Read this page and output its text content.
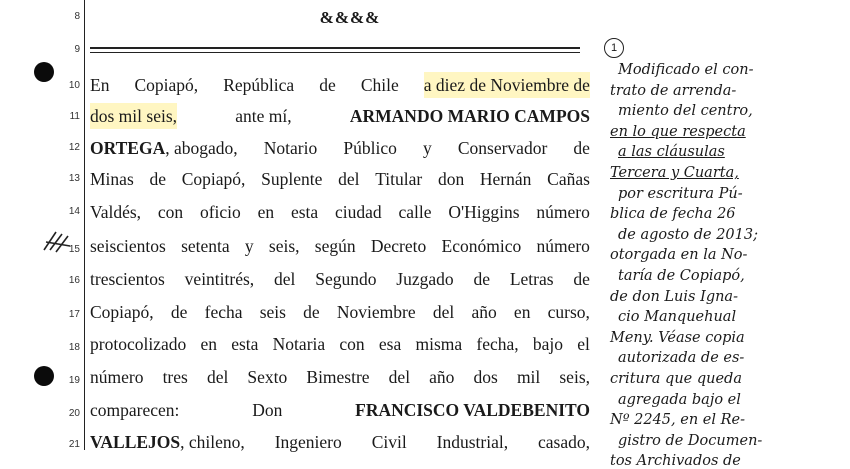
8
9
10
11
12
13
14
15
16
17
18
19
20
21
&&&&
En Copiapó, República de Chile a diez de Noviembre de
dos mil seis,	ante mí,	ARMANDO MARIO CAMPOS
ORTEGA, abogado, Notario Público y Conservador de
Minas de Copiapó, Suplente del Titular don Hernán Cañas
Valdés, con oficio en esta ciudad calle O'Higgins número
seiscientos setenta y seis, según Decreto Económico número
trescientos veintitrés, del Segundo Juzgado de Letras de
Copiapó, de fecha seis de Noviembre del año en curso,
protocolizado en esta Notaria con esa misma fecha, bajo el
número tres del Sexto Bimestre del año dos mil seis,
comparecen:	Don	FRANCISCO VALDEBENITO
VALLEJOS, chileno, Ingeniero Civil Industrial, casado,
1
Modificado el con-
trato de arrenda-
miento del centro,
en lo que respecta
a las cláusulas
Tercera y Cuarta,
por escritura Pú-
blica de fecha 26
de agosto de 2013;
otorgada en la No-
taría de Copiapó,
de don Luis Igna-
cio Manquehual
Meny. Véase copia
autorizada de es-
critura que queda
agregada bajo el
Nº 2245, en el Re-
gistro de Documen-
tos Archivados de
